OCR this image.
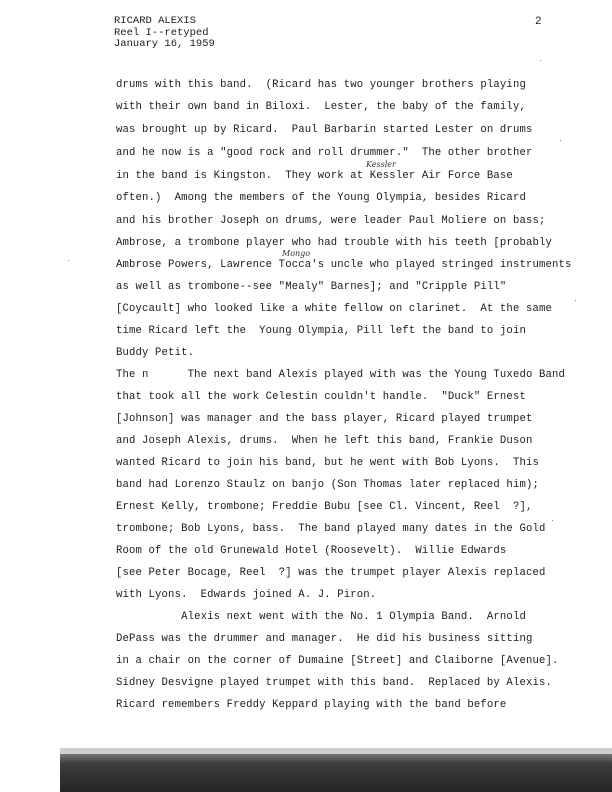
RICARD ALEXIS
Reel I--retyped
January 16, 1959
2
drums with this band.  (Ricard has two younger brothers playing
with their own band in Biloxi.  Lester, the baby of the family,
was brought up by Ricard.  Paul Barbarin started Lester on drums
and he now is a "good rock and roll drummer."  The other brother
in the band is Kingston.  They work at Kessler Air Force Base
often.)  Among the members of the Young Olympia, besides Ricard
and his brother Joseph on drums, were leader Paul Moliere on bass;
Ambrose, a trombone player who had trouble with his teeth [probably
Ambrose Powers, Lawrence Tocca's uncle who played stringed instruments
as well as trombone--see "Mealy" Barnes]; and "Cripple Pill"
[Coycault] who looked like a white fellow on clarinet.  At the same
time Ricard left the  Young Olympia, Pill left the band to join
Buddy Petit.
The n      The next band Alexis played with was the Young Tuxedo Band
that took all the work Celestin couldn't handle.  "Duck" Ernest
[Johnson] was manager and the bass player, Ricard played trumpet
and Joseph Alexis, drums.  When he left this band, Frankie Duson
wanted Ricard to join his band, but he went with Bob Lyons.  This
band had Lorenzo Staulz on banjo (Son Thomas later replaced him);
Ernest Kelly, trombone; Freddie Bubu [see Cl. Vincent, Reel  ?],
trombone; Bob Lyons, bass.  The band played many dates in the Gold
Room of the old Grunewald Hotel (Roosevelt).  Willie Edwards
[see Peter Bocage, Reel  ?] was the trumpet player Alexis replaced
with Lyons.  Edwards joined A. J. Piron.
Alexis next went with the No. 1 Olympia Band.  Arnold
DePass was the drummer and manager.  He did his business sitting
in a chair on the corner of Dumaine [Street] and Claiborne [Avenue].
Sidney Desvigne played trumpet with this band.  Replaced by Alexis.
Ricard remembers Freddy Keppard playing with the band before
Kessler
Mongo
